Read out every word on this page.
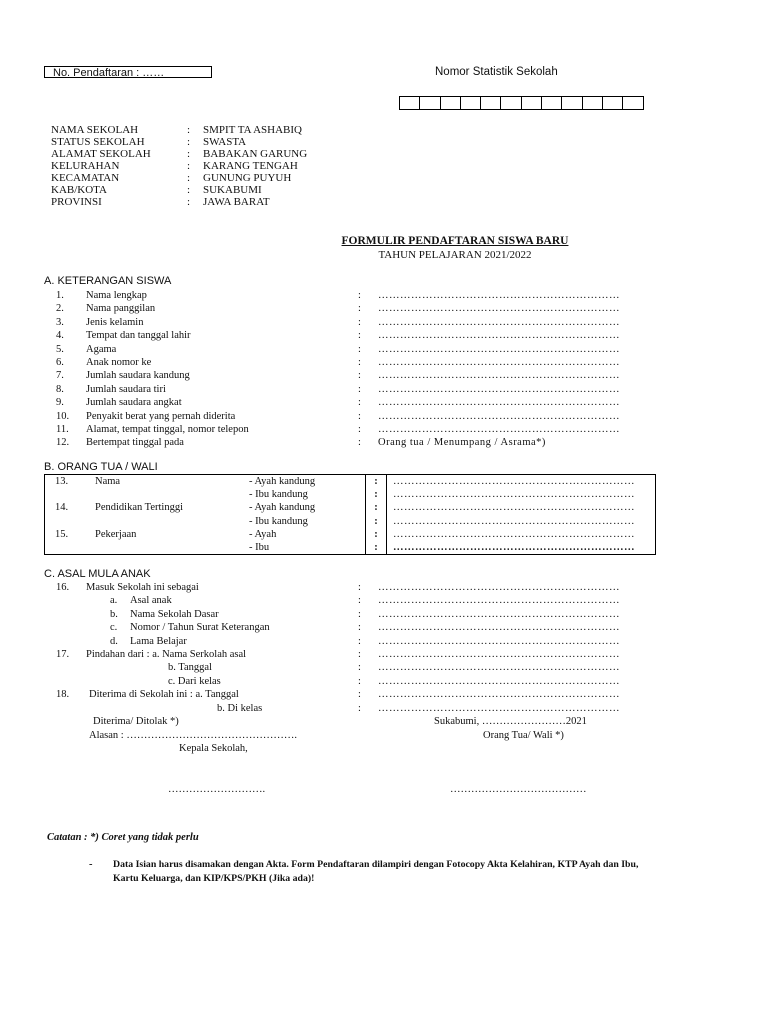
No. Pendaftaran : ……	Nomor Statistik Sekolah
NAMA SEKOLAH	: SMPIT TA ASHABIQ
STATUS SEKOLAH	: SWASTA
ALAMAT SEKOLAH	: BABAKAN GARUNG
KELURAHAN	: KARANG TENGAH
KECAMATAN	: GUNUNG PUYUH
KAB/KOTA	: SUKABUMI
PROVINSI	: JAWA BARAT
FORMULIR PENDAFTARAN SISWA BARU
TAHUN PELAJARAN 2021/2022
A. KETERANGAN SISWA
1. Nama lengkap	: …………………………………………………………
2. Nama panggilan	: …………………………………………………………
3. Jenis kelamin	: …………………………………………………………
4. Tempat dan tanggal lahir	: …………………………………………………………
5. Agama	: …………………………………………………………
6. Anak nomor ke	: …………………………………………………………
7. Jumlah saudara kandung	: …………………………………………………………
8. Jumlah saudara tiri	: …………………………………………………………
9. Jumlah saudara angkat	: …………………………………………………………
10. Penyakit berat yang pernah diderita	: …………………………………………………………
11. Alamat, tempat tinggal, nomor telepon	: …………………………………………………………
12. Bertempat tinggal pada	: Orang tua / Menumpang / Asrama*)
B. ORANG TUA / WALI
13.	Nama	- Ayah kandung	:	…………………………………………………………
		- Ibu kandung	:	…………………………………………………………
14.	Pendidikan Tertinggi	- Ayah kandung	:	…………………………………………………………
		- Ibu kandung	:	…………………………………………………………
15.	Pekerjaan	- Ayah	:	…………………………………………………………
		- Ibu	:	…………………………………………………………
C. ASAL MULA ANAK
16. Masuk Sekolah ini sebagai	: …………………………………………………………
a. Asal anak	: …………………………………………………………
b. Nama Sekolah Dasar	: …………………………………………………………
c. Nomor / Tahun Surat Keterangan	: …………………………………………………………
d. Lama Belajar	: …………………………………………………………
17. Pindahan dari : a. Nama Serkolah asal	: …………………………………………………………
b. Tanggal	: …………………………………………………………
c. Dari kelas	: …………………………………………………………
18. Diterima di Sekolah ini : a. Tanggal	: …………………………………………………………
b. Di kelas	: …………………………………………………………
Diterima/ Ditolak *)
Alasan : ………………………………………….
Kepala Sekolah,
Sukabumi, ……………………2021
Orang Tua/ Wali *)
……………………….	…………………………………
Catatan : *) Coret yang tidak perlu
- Data Isian harus disamakan dengan Akta. Form Pendaftaran dilampiri dengan Fotocopy Akta Kelahiran, KTP Ayah dan Ibu,
Kartu Keluarga, dan KIP/KPS/PKH (Jika ada)!
